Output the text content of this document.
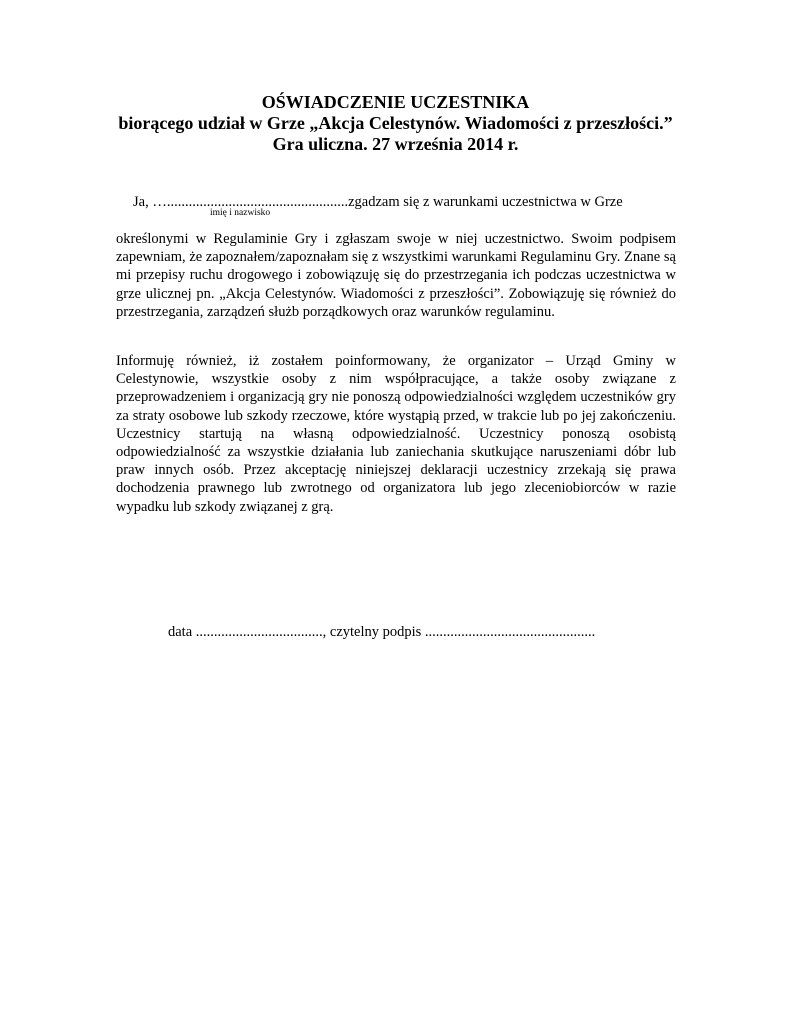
OŚWIADCZENIE UCZESTNIKA
biorącego udział w Grze „Akcja Celestynów. Wiadomości z przeszłości.”
Gra uliczna. 27 września 2014 r.
Ja, …..................................................zgadzam się z warunkami uczestnictwa w Grze
imię i nazwisko
określonymi w Regulaminie Gry i zgłaszam swoje w niej uczestnictwo. Swoim podpisem zapewniam, że zapoznałem/zapoznałam się z wszystkimi warunkami Regulaminu Gry. Znane są mi przepisy ruchu drogowego i zobowiązuję się do przestrzegania ich podczas uczestnictwa w grze ulicznej pn. „Akcja Celestynów. Wiadomości z przeszłości”. Zobowiązuję się również do przestrzegania, zarządzeń służb porządkowych oraz warunków regulaminu.
Informuję również, iż zostałem poinformowany, że organizator – Urząd Gminy w Celestynowie, wszystkie osoby z nim współpracujące, a także osoby związane z przeprowadzeniem i organizacją gry nie ponoszą odpowiedzialności względem uczestników gry za straty osobowe lub szkody rzeczowe, które wystąpią przed, w trakcie lub po jej zakończeniu. Uczestnicy startują na własną odpowiedzialność. Uczestnicy ponoszą osobistą odpowiedzialność za wszystkie działania lub zaniechania skutkujące naruszeniami dóbr lub praw innych osób. Przez akceptację niniejszej deklaracji uczestnicy zrzekają się prawa dochodzenia prawnego lub zwrotnego od organizatora lub jego zleceniobiorców w razie wypadku lub szkody związanej z grą.
data ..................................., czytelny podpis ...............................................
